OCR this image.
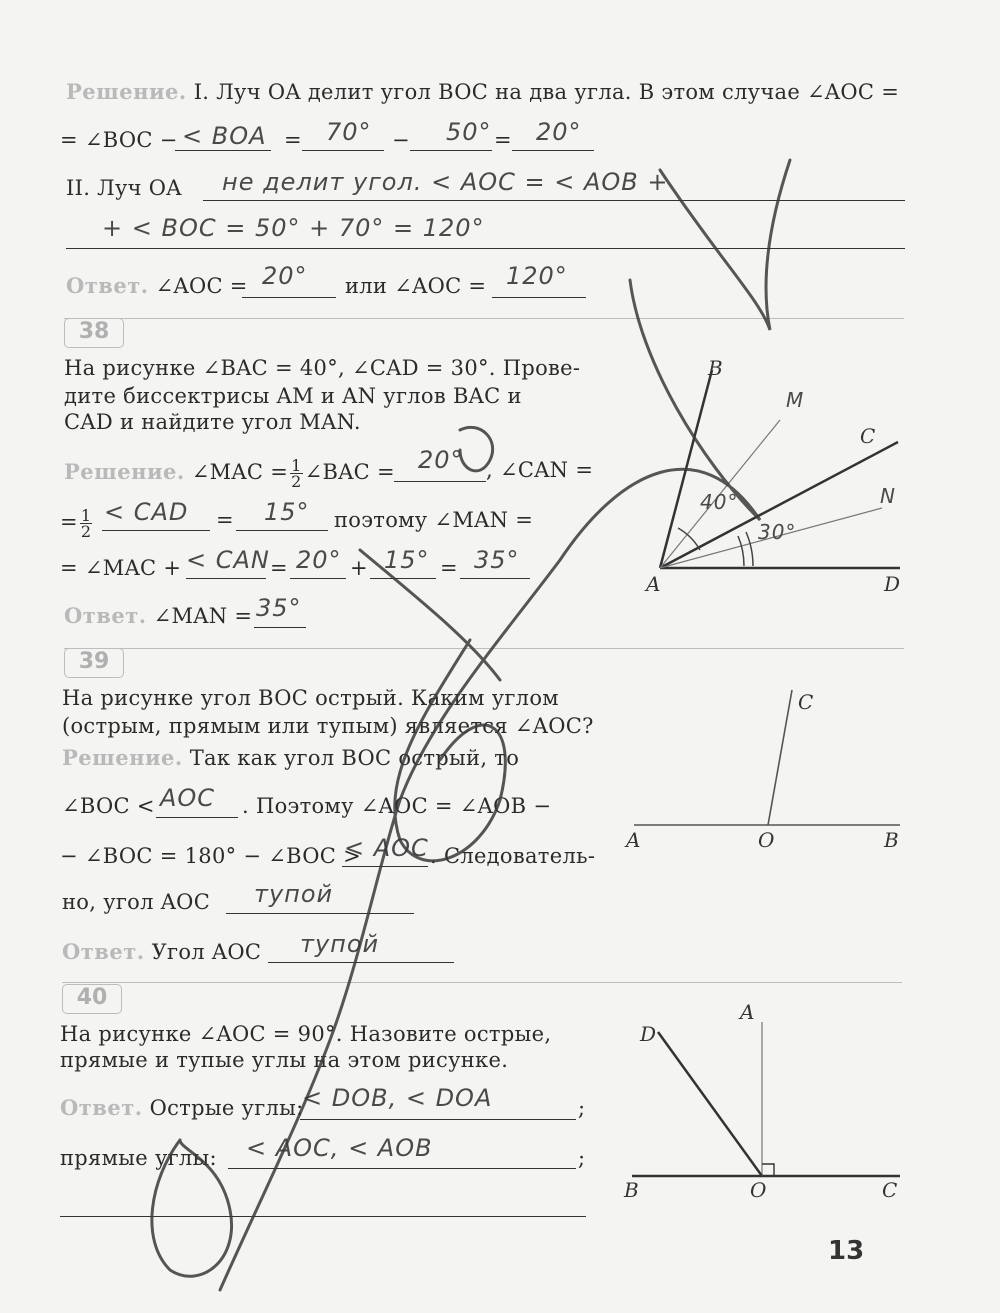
Решение. I. Луч OA делит угол BOC на два угла. В этом случае ∠AOC =
= ∠BOC − < BOA = 70° − 50° = 20°
II. Луч OA не делит угол. < AOC = < AOB +
+ < BOC = 50° + 70° = 120°
Ответ. ∠AOC = 20° или ∠AOC = 120°
38
На рисунке ∠BAC = 40°, ∠CAD = 30°. Прове-
дите биссектрисы AM и AN углов BAC и
CAD и найдите угол MAN.
Решение. ∠MAC = $\frac{1}{2}$ ∠BAC = 20° , ∠CAN =
= $\frac{1}{2}$ < CAD = 15° поэтому ∠MAN =
= ∠MAC + < CAN = 20° + 15° = 35°
Ответ. ∠MAN = 35°
B
C
A	D
M
N
40°
30°
39
На рисунке угол BOC острый. Каким углом
(острым, прямым или тупым) является ∠AOC?
Решение. Так как угол BOC острый, то
∠BOC < AOC . Поэтому ∠AOC = ∠AOB −
− ∠BOC = 180° − ∠BOC >
< AOC . Следователь-
но, угол AOC тупой
Ответ. Угол AOC тупой
C
A	O	B
40
На рисунке ∠AOC = 90°. Назовите острые,
прямые и тупые углы на этом рисунке.
Ответ. Острые углы:
< DOB, < DOA	;
прямые углы: < AOC, < AOB	;
A
D
B	O	C
13
